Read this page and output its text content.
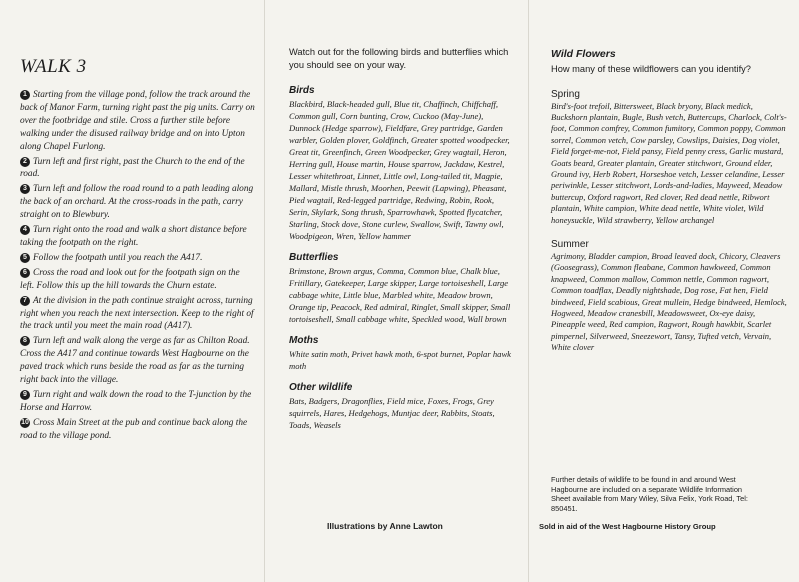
WALK 3

1 Starting from the village pond, follow the track around the back of Manor Farm, turning right past the pig units. Carry on over the footbridge and stile. Cross a further stile before walking under the disused railway bridge and on into Upton along Chapel Furlong.

2 Turn left and first right, past the Church to the end of the road.

3 Turn left and follow the road round to a path leading along the back of an orchard. At the cross-roads in the path, carry straight on to Blewbury.

4 Turn right onto the road and walk a short distance before taking the footpath on the right.

5 Follow the footpath until you reach the A417.

6 Cross the road and look out for the footpath sign on the left. Follow this up the hill towards the Churn estate.

7 At the division in the path continue straight across, turning right when you reach the next intersection. Keep to the right of the track until you meet the main road (A417).

8 Turn left and walk along the verge as far as Chilton Road. Cross the A417 and continue towards West Hagbourne on the paved track which runs beside the road as far as the turning right back into the village.

9 Turn right and walk down the road to the T-junction by the Horse and Harrow.

10 Cross Main Street at the pub and continue back along the road to the village pond.

Watch out for the following birds and butterflies which you should see on your way.

Birds

Blackbird, Black-headed gull, Blue tit, Chaffinch, Chiffchaff, Common gull, Corn bunting, Crow, Cuckoo (May-June), Dunnock (Hedge sparrow), Fieldfare, Grey partridge, Garden warbler, Golden plover, Goldfinch, Greater spotted woodpecker, Great tit, Greenfinch, Green Woodpecker, Grey wagtail, Heron, Herring gull, House martin, House sparrow, Jackdaw, Kestrel, Lesser whitethroat, Linnet, Little owl, Long-tailed tit, Magpie, Mallard, Mistle thrush, Moorhen, Peewit (Lapwing), Pheasant, Pied wagtail, Red-legged partridge, Redwing, Robin, Rook, Serin, Skylark, Song thrush, Sparrowhawk, Spotted flycatcher, Starling, Stock dove, Stone curlew, Swallow, Swift, Tawny owl, Woodpigeon, Wren, Yellow hammer

Butterflies

Brimstone, Brown argus, Comma, Common blue, Chalk blue, Fritillary, Gatekeeper, Large skipper, Large tortoiseshell, Large cabbage white, Little blue, Marbled white, Meadow brown, Orange tip, Peacock, Red admiral, Ringlet, Small skipper, Small tortoiseshell, Small cabbage white, Speckled wood, Wall brown

Moths

White satin moth, Privet hawk moth, 6-spot burnet, Poplar hawk moth

Other wildlife

Bats, Badgers, Dragonflies, Field mice, Foxes, Frogs, Grey squirrels, Hares, Hedgehogs, Muntjac deer, Rabbits, Stoats, Toads, Weasels

Illustrations by Anne Lawton
Wild Flowers

How many of these wildflowers can you identify?

Spring

Bird's-foot trefoil, Bittersweet, Black bryony, Black medick, Buckshorn plantain, Bugle, Bush vetch, Buttercups, Charlock, Colt's-foot, Common comfrey, Common fumitory, Common poppy, Common sorrel, Common vetch, Cow parsley, Cowslips, Daisies, Dog violet, Field forget-me-not, Field pansy, Field penny cress, Garlic mustard, Goats beard, Greater plantain, Greater stitchwort, Ground elder, Ground ivy, Herb Robert, Horseshoe vetch, Lesser celandine, Lesser periwinkle, Lesser stitchwort, Lords-and-ladies, Mayweed, Meadow buttercup, Oxford ragwort, Red clover, Red dead nettle, Ribwort plantain, White campion, White dead nettle, White violet, Wild honeysuckle, Wild strawberry, Yellow archangel

Summer

Agrimony, Bladder campion, Broad leaved dock, Chicory, Cleavers (Goosegrass), Common fleabane, Common hawkweed, Common knapweed, Common mallow, Common nettle, Common ragwort, Common toadflax, Deadly nightshade, Dog rose, Fat hen, Field bindweed, Field scabious, Great mullein, Hedge bindweed, Hemlock, Hogweed, Meadow cranesbill, Meadowsweet, Ox-eye daisy, Pineapple weed, Red campion, Ragwort, Rough hawkbit, Scarlet pimpernel, Silverweed, Sneezewort, Tansy, Tufted vetch, Vervain, White clover

Further details of wildlife to be found in and around West Hagbourne are included on a separate Wildlife Information Sheet available from Mary Wiley, Silva Felix, York Road, Tel: 850451.

Sold in aid of the West Hagbourne History Group
